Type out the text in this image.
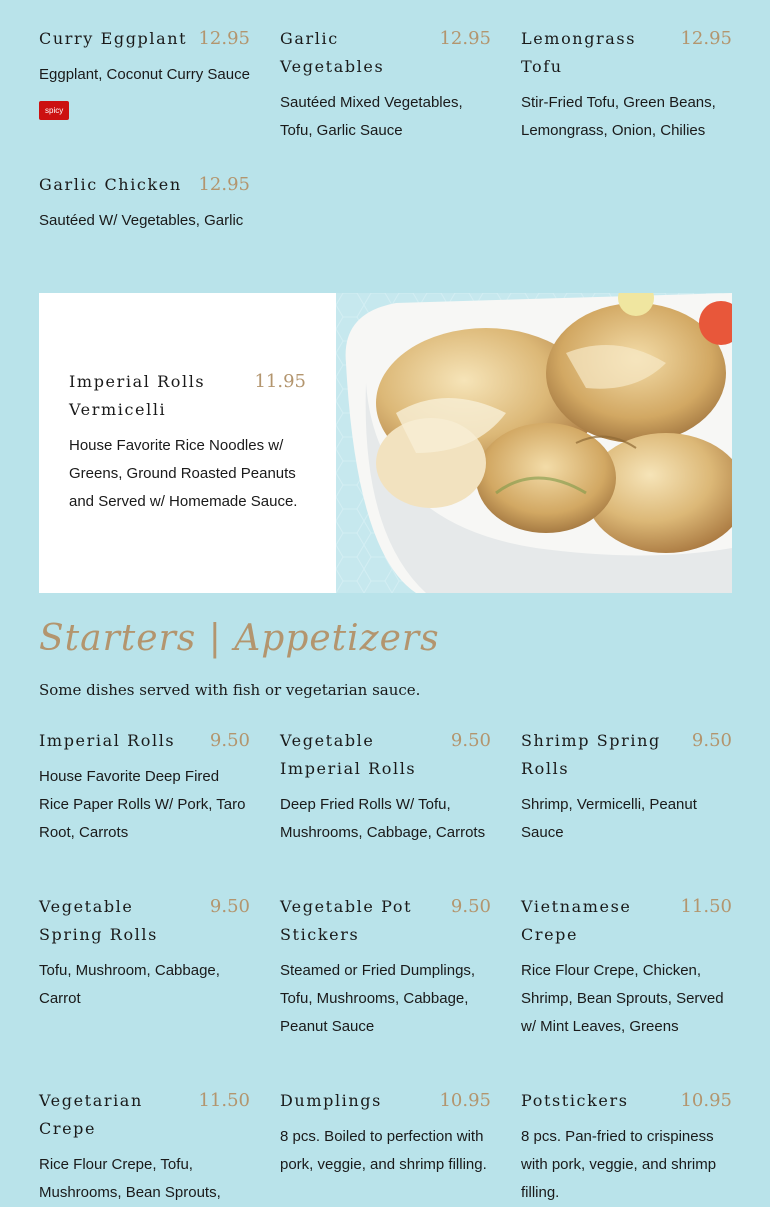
Curry Eggplant 12.95
Eggplant, Coconut Curry Sauce
spicy
Garlic Vegetables
12.95
Sautéed Mixed Vegetables, Tofu, Garlic Sauce
Lemongrass Tofu
12.95
Stir-Fried Tofu, Green Beans, Lemongrass, Onion, Chilies
Garlic Chicken 12.95
Sautéed W/ Vegetables, Garlic
Imperial Rolls Vermicelli
11.95
House Favorite Rice Noodles w/ Greens, Ground Roasted Peanuts and Served w/ Homemade Sauce.
Starters | Appetizers
Some dishes served with fish or vegetarian sauce.
Imperial Rolls	9.50
House Favorite Deep Fired Rice Paper Rolls W/ Pork, Taro Root, Carrots
Vegetable Imperial Rolls
9.50
Deep Fried Rolls W/ Tofu, Mushrooms, Cabbage, Carrots
Shrimp Spring Rolls
9.50
Shrimp, Vermicelli, Peanut Sauce
Vegetable Spring Rolls
9.50
Tofu, Mushroom, Cabbage, Carrot
Vegetable Pot Stickers
9.50
Steamed or Fried Dumplings, Tofu, Mushrooms, Cabbage, Peanut Sauce
Vietnamese Crepe
11.50
Rice Flour Crepe, Chicken, Shrimp, Bean Sprouts, Served w/ Mint Leaves, Greens
Vegetarian Crepe
11.50
Rice Flour Crepe, Tofu, Mushrooms, Bean Sprouts,
Dumplings	10.95
8 pcs. Boiled to perfection with pork, veggie, and shrimp filling.
Potstickers	10.95
8 pcs. Pan-fried to crispiness with pork, veggie, and shrimp filling.
